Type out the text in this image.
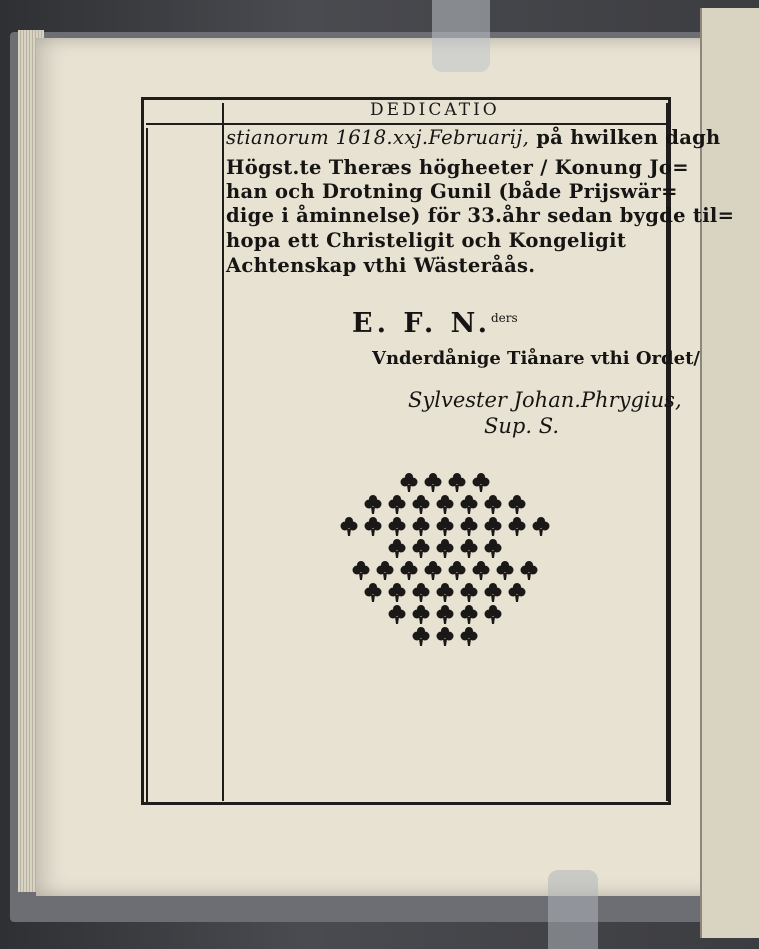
DEDICATIO
stianorum 1618.xxj.Februarij, på hwilken dagh
Högst.te Theræs högheeter / Konung Jo=
han och Drotning Gunil (både Prijswär=
dige i åminnelse) för 33.åhr sedan bygde til=
hopa ett Christeligit och Kongeligit
Achtenskap vthi Wästeråås.
E. F. N.$^{ders}$
Vnderdånige Tiånare vthi Ordet/
Sylvester Johan.Phrygius,
Sup. S.
